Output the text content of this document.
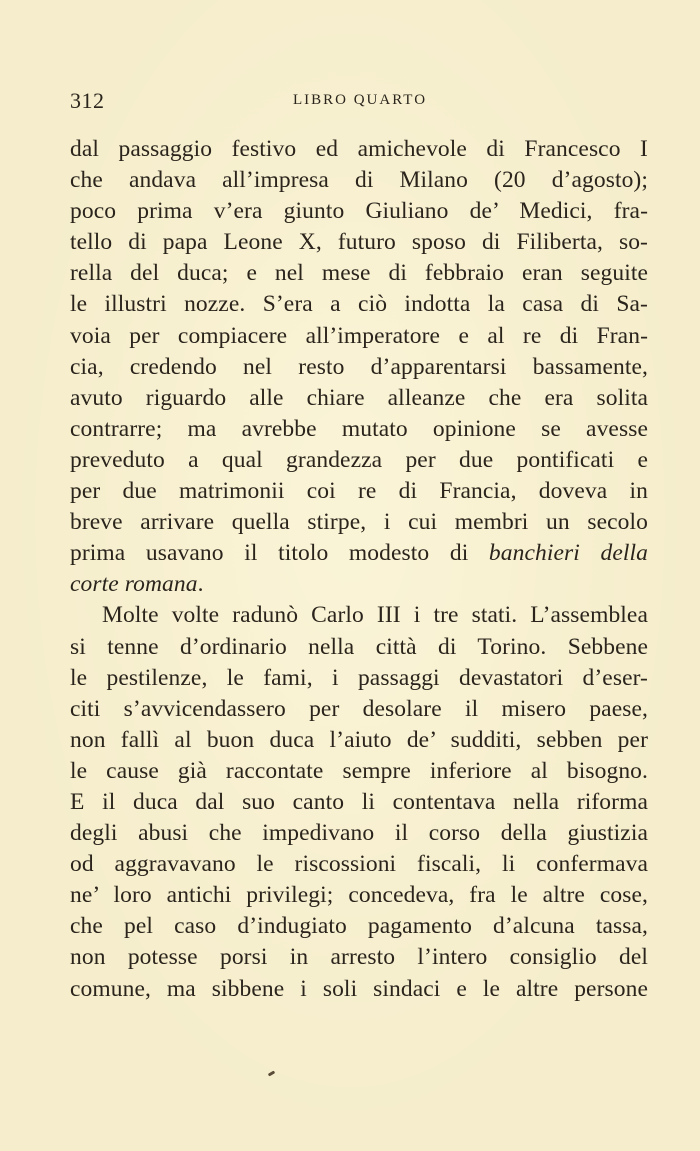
312	LIBRO QUARTO
dal passaggio festivo ed amichevole di Francesco I
che andava all’impresa di Milano (20 d’agosto);
poco prima v’era giunto Giuliano de’ Medici, fra-
tello di papa Leone X, futuro sposo di Filiberta, so-
rella del duca; e nel mese di febbraio eran seguite
le illustri nozze. S’era a ciò indotta la casa di Sa-
voia per compiacere all’imperatore e al re di Fran-
cia, credendo nel resto d’apparentarsi bassamente,
avuto riguardo alle chiare alleanze che era solita
contrarre; ma avrebbe mutato opinione se avesse
preveduto a qual grandezza per due pontificati e
per due matrimonii coi re di Francia, doveva in
breve arrivare quella stirpe, i cui membri un secolo
prima usavano il titolo modesto di banchieri della
corte romana.
Molte volte radunò Carlo III i tre stati. L’assemblea
si tenne d’ordinario nella città di Torino. Sebbene
le pestilenze, le fami, i passaggi devastatori d’eser-
citi s’avvicendassero per desolare il misero paese,
non fallì al buon duca l’aiuto de’ sudditi, sebben per
le cause già raccontate sempre inferiore al bisogno.
E il duca dal suo canto li contentava nella riforma
degli abusi che impedivano il corso della giustizia
od aggravavano le riscossioni fiscali, li confermava
ne’ loro antichi privilegi; concedeva, fra le altre cose,
che pel caso d’indugiato pagamento d’alcuna tassa,
non potesse porsi in arresto l’intero consiglio del
comune, ma sibbene i soli sindaci e le altre persone
